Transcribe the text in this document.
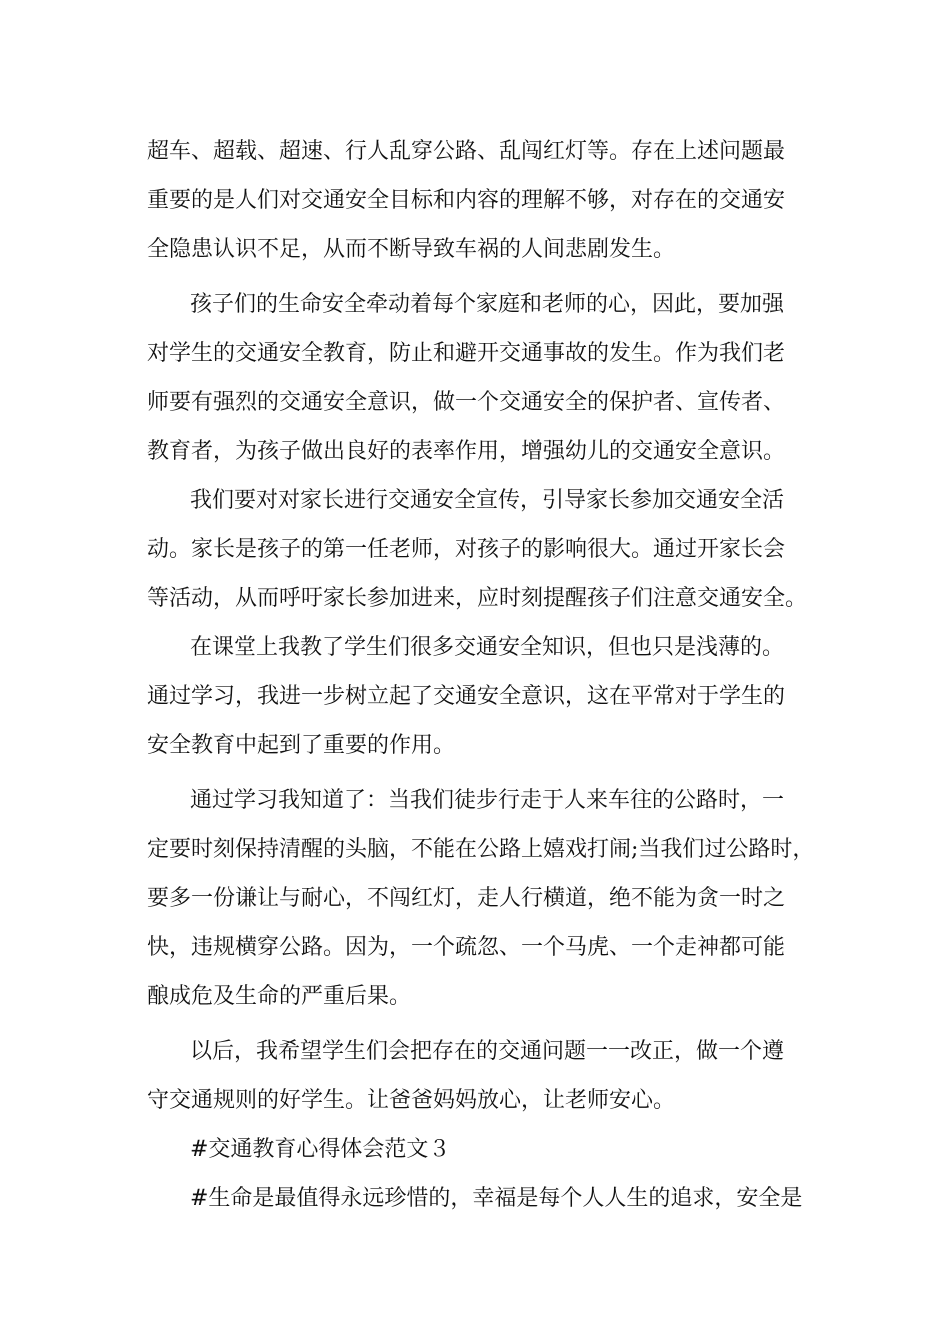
超车、超载、超速、行人乱穿公路、乱闯红灯等。存在上述问题最
重要的是人们对交通安全目标和内容的理解不够，对存在的交通安
全隐患认识不足，从而不断导致车祸的人间悲剧发生。
孩子们的生命安全牵动着每个家庭和老师的心，因此，要加强
对学生的交通安全教育，防止和避开交通事故的发生。作为我们老
师要有强烈的交通安全意识，做一个交通安全的保护者、宣传者、
教育者，为孩子做出良好的表率作用，增强幼儿的交通安全意识。
我们要对对家长进行交通安全宣传，引导家长参加交通安全活
动。家长是孩子的第一任老师，对孩子的影响很大。通过开家长会
等活动，从而呼吁家长参加进来，应时刻提醒孩子们注意交通安全。
在课堂上我教了学生们很多交通安全知识，但也只是浅薄的。
通过学习，我进一步树立起了交通安全意识，这在平常对于学生的
安全教育中起到了重要的作用。
通过学习我知道了：当我们徒步行走于人来车往的公路时，一
定要时刻保持清醒的头脑，不能在公路上嬉戏打闹;当我们过公路时，
要多一份谦让与耐心，不闯红灯，走人行横道，绝不能为贪一时之
快，违规横穿公路。因为，一个疏忽、一个马虎、一个走神都可能
酿成危及生命的严重后果。
以后，我希望学生们会把存在的交通问题一一改正，做一个遵
守交通规则的好学生。让爸爸妈妈放心，让老师安心。
#交通教育心得体会范文３
#生命是最值得永远珍惜的，幸福是每个人人生的追求，安全是
